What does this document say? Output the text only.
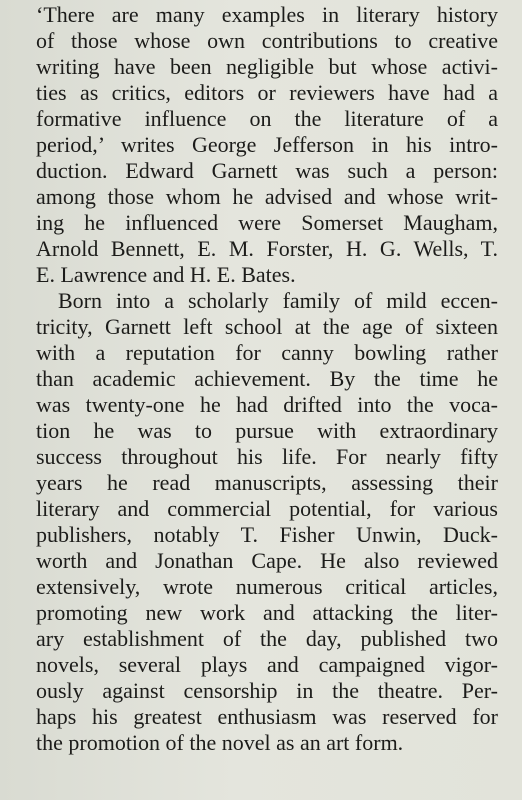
‘There are many examples in literary history
of those whose own contributions to creative
writing have been negligible but whose activi-
ties as critics, editors or reviewers have had a
formative influence on the literature of a
period,’ writes George Jefferson in his intro-
duction. Edward Garnett was such a person:
among those whom he advised and whose writ-
ing he influenced were Somerset Maugham,
Arnold Bennett, E. M. Forster, H. G. Wells, T.
E. Lawrence and H. E. Bates.
Born into a scholarly family of mild eccen-
tricity, Garnett left school at the age of sixteen
with a reputation for canny bowling rather
than academic achievement. By the time he
was twenty-one he had drifted into the voca-
tion he was to pursue with extraordinary
success throughout his life. For nearly fifty
years he read manuscripts, assessing their
literary and commercial potential, for various
publishers, notably T. Fisher Unwin, Duck-
worth and Jonathan Cape. He also reviewed
extensively, wrote numerous critical articles,
promoting new work and attacking the liter-
ary establishment of the day, published two
novels, several plays and campaigned vigor-
ously against censorship in the theatre. Per-
haps his greatest enthusiasm was reserved for
the promotion of the novel as an art form.
